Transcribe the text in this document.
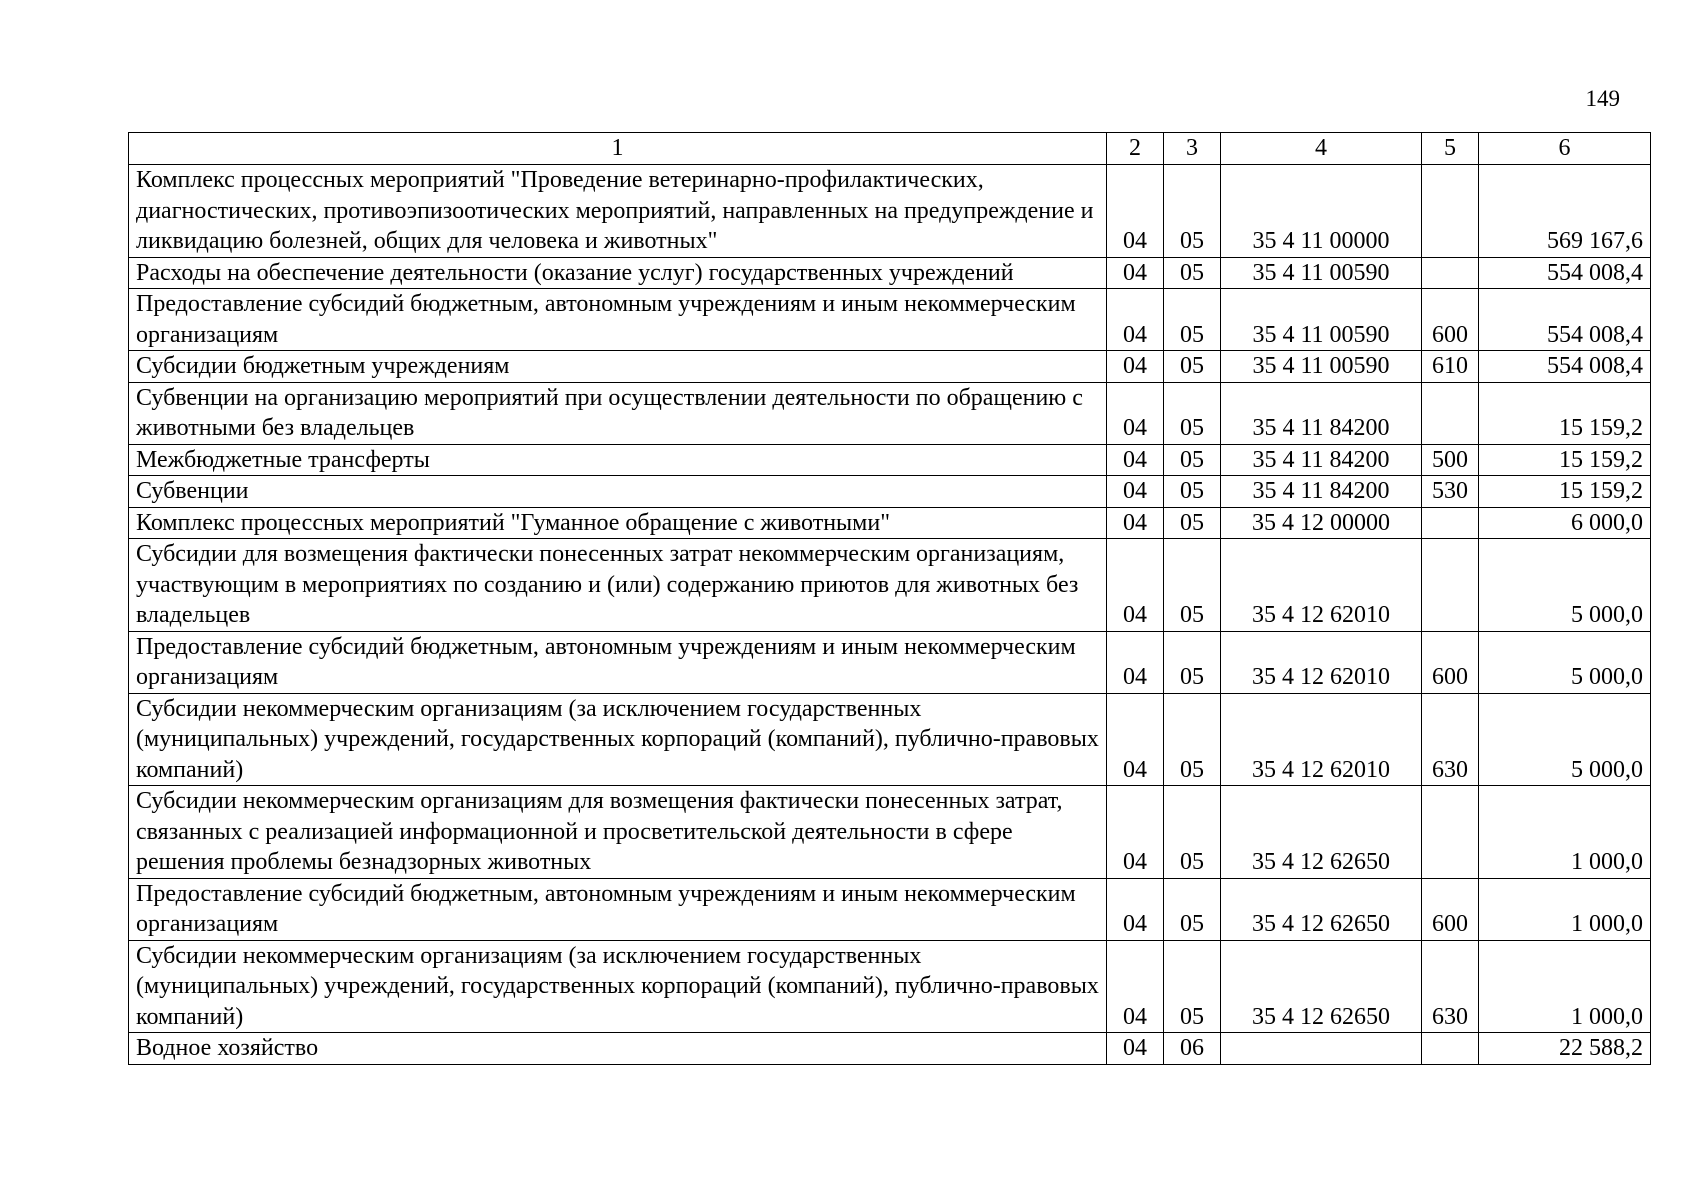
149
1	2	3	4	5	6
Комплекс процессных мероприятий "Проведение ветеринарно-профилактических, диагностических, противоэпизоотических мероприятий, направленных на предупреждение и ликвидацию болезней, общих для человека и животных"	04	05	35 4 11 00000		569 167,6
Расходы на обеспечение деятельности (оказание услуг) государственных учреждений	04	05	35 4 11 00590		554 008,4
Предоставление субсидий бюджетным, автономным учреждениям и иным некоммерческим организациям	04	05	35 4 11 00590	600	554 008,4
Субсидии бюджетным учреждениям	04	05	35 4 11 00590	610	554 008,4
Субвенции на организацию мероприятий при осуществлении деятельности по обращению с животными без владельцев	04	05	35 4 11 84200		15 159,2
Межбюджетные трансферты	04	05	35 4 11 84200	500	15 159,2
Субвенции	04	05	35 4 11 84200	530	15 159,2
Комплекс процессных мероприятий "Гуманное обращение с животными"	04	05	35 4 12 00000		6 000,0
Субсидии для возмещения фактически понесенных затрат некоммерческим организациям, участвующим в мероприятиях по созданию и (или) содержанию приютов для животных без владельцев	04	05	35 4 12 62010		5 000,0
Предоставление субсидий бюджетным, автономным учреждениям и иным некоммерческим организациям	04	05	35 4 12 62010	600	5 000,0
Субсидии некоммерческим организациям (за исключением государственных (муниципальных) учреждений, государственных корпораций (компаний), публично-правовых компаний)	04	05	35 4 12 62010	630	5 000,0
Субсидии некоммерческим организациям для возмещения фактически понесенных затрат, связанных с реализацией информационной и просветительской деятельности в сфере решения проблемы безнадзорных животных	04	05	35 4 12 62650		1 000,0
Предоставление субсидий бюджетным, автономным учреждениям и иным некоммерческим организациям	04	05	35 4 12 62650	600	1 000,0
Субсидии некоммерческим организациям (за исключением государственных (муниципальных) учреждений, государственных корпораций (компаний), публично-правовых компаний)	04	05	35 4 12 62650	630	1 000,0
Водное хозяйство	04	06			22 588,2
